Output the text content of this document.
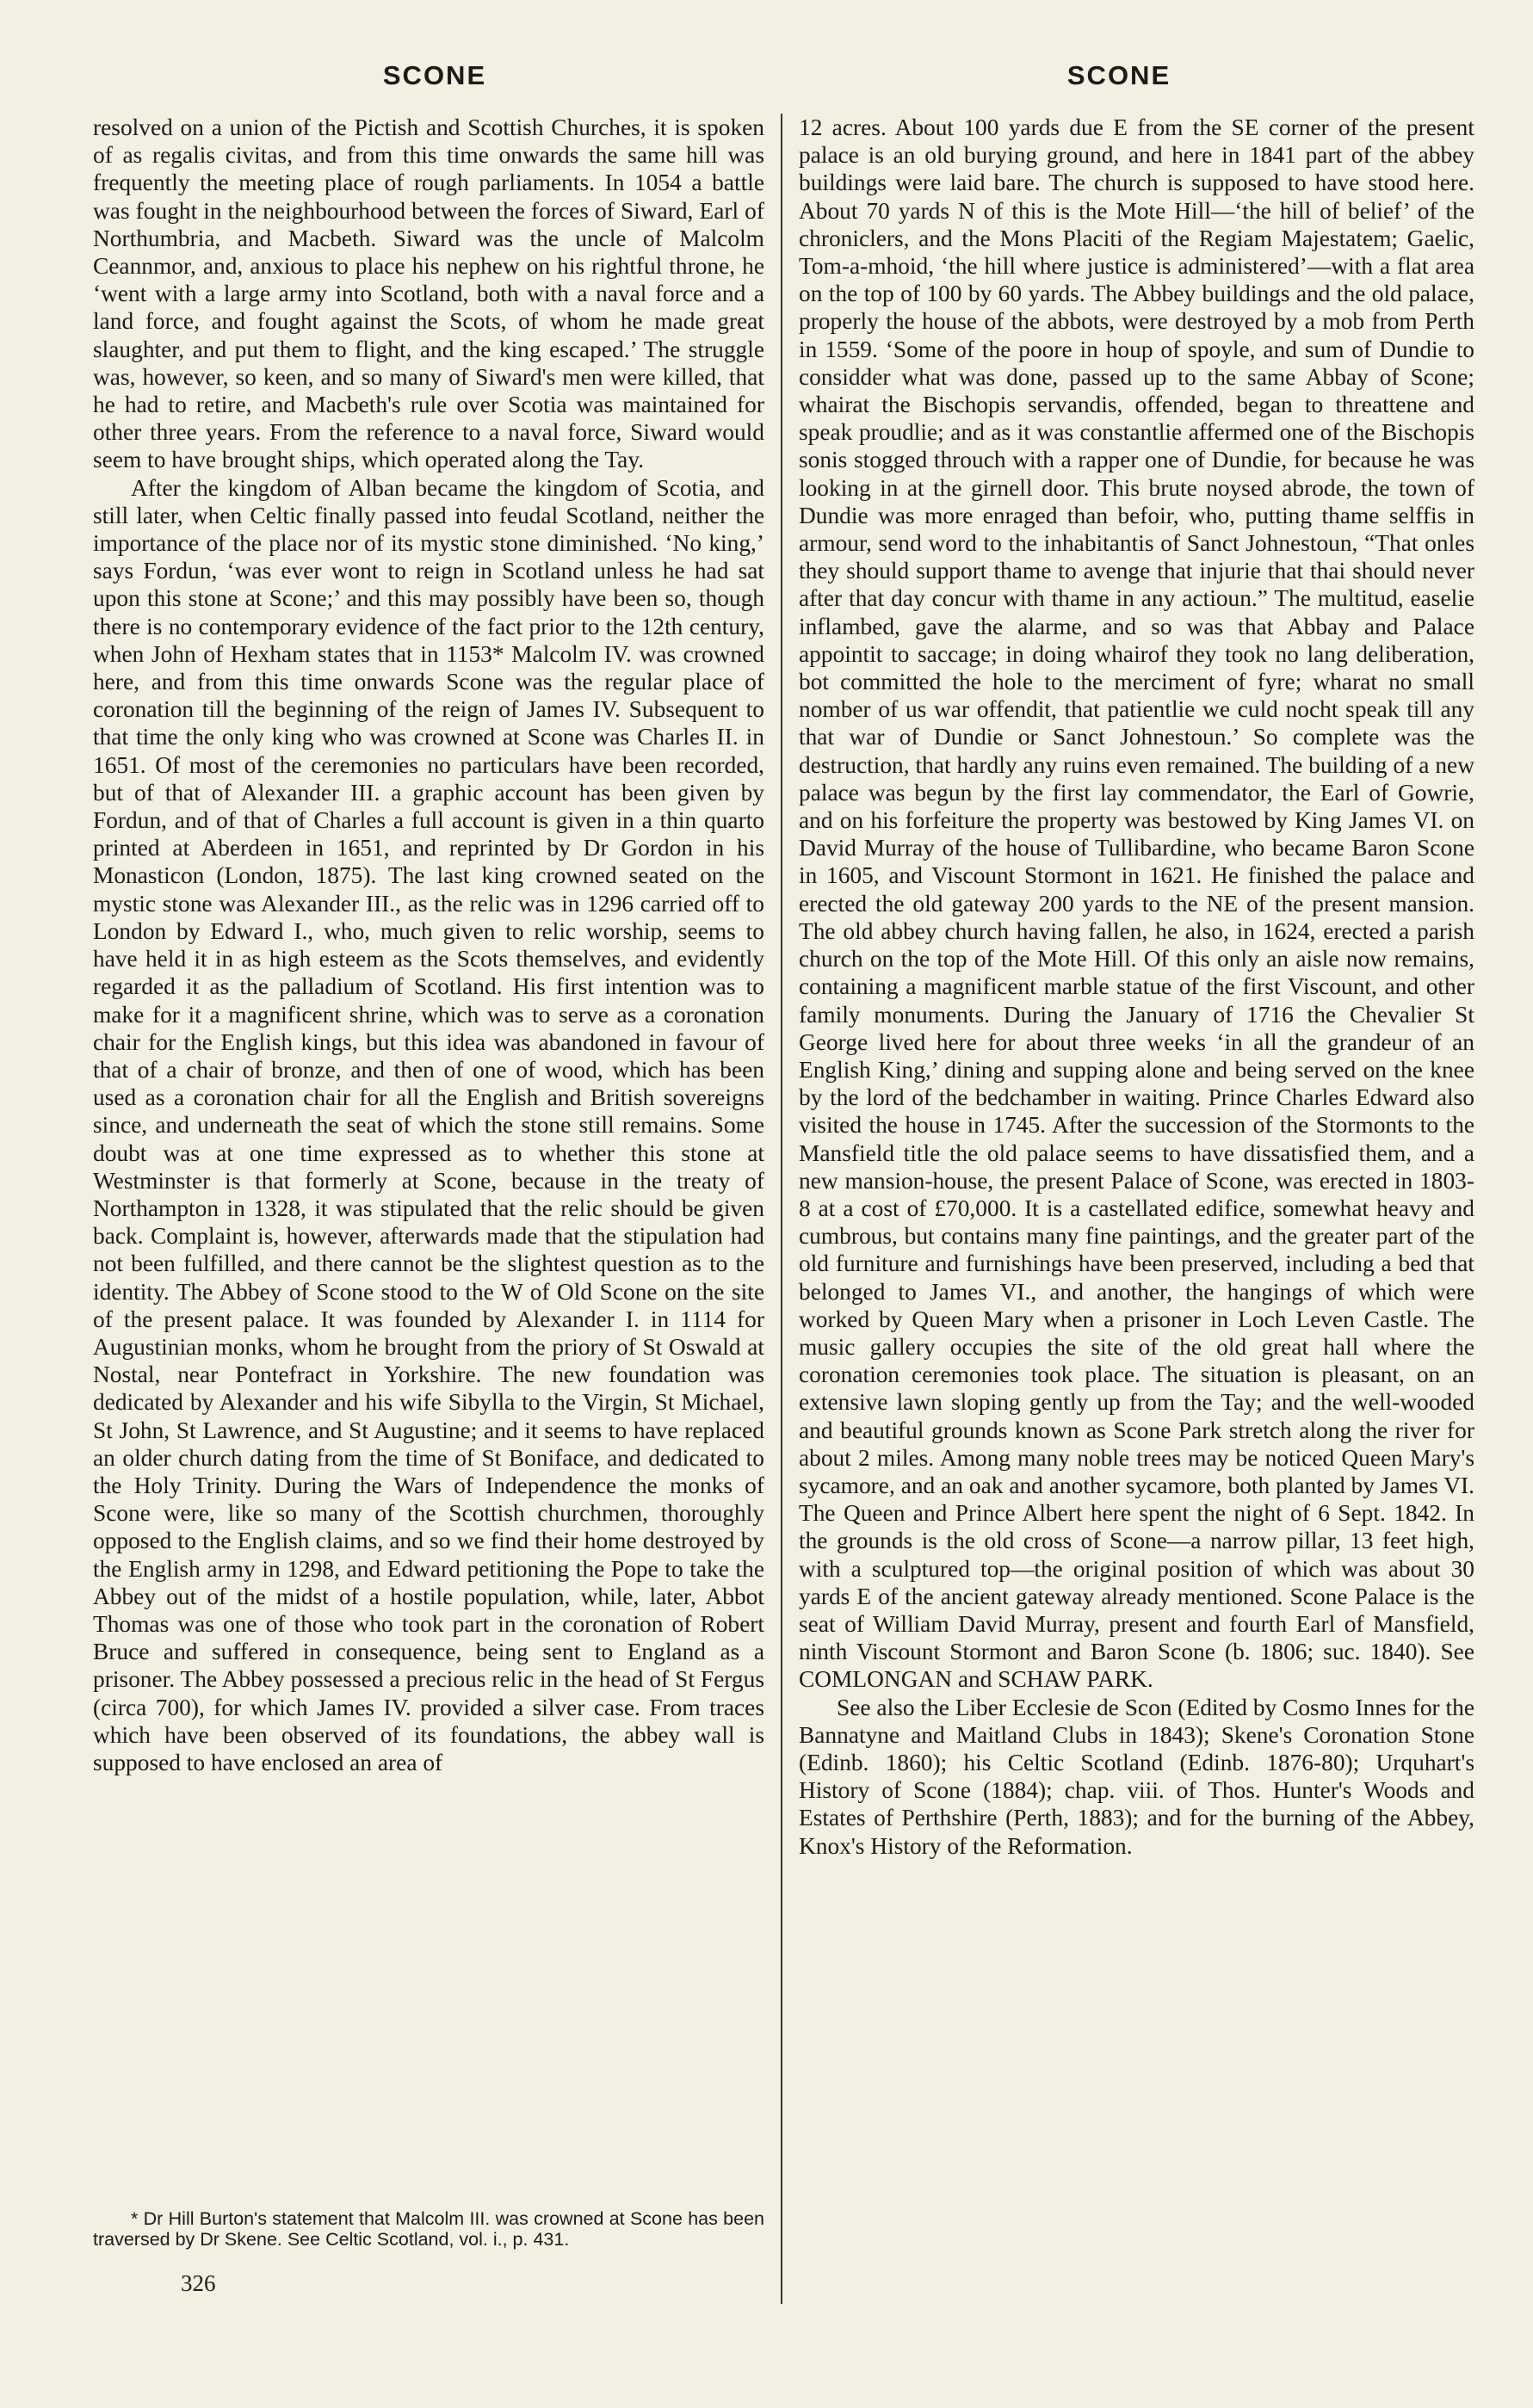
SCONE	SCONE

resolved on a union of the Pictish and Scottish Churches, it is spoken of as regalis civitas, and from this time onwards the same hill was frequently the meeting place of rough parliaments. In 1054 a battle was fought in the neighbourhood between the forces of Siward, Earl of Northumbria, and Macbeth. Siward was the uncle of Malcolm Ceannmor, and, anxious to place his nephew on his rightful throne, he ‘went with a large army into Scotland, both with a naval force and a land force, and fought against the Scots, of whom he made great slaughter, and put them to flight, and the king escaped.’ The struggle was, however, so keen, and so many of Siward's men were killed, that he had to retire, and Macbeth's rule over Scotia was maintained for other three years. From the reference to a naval force, Siward would seem to have brought ships, which operated along the Tay.

After the kingdom of Alban became the kingdom of Scotia, and still later, when Celtic finally passed into feudal Scotland, neither the importance of the place nor of its mystic stone diminished. ‘No king,’ says Fordun, ‘was ever wont to reign in Scotland unless he had sat upon this stone at Scone;’ and this may possibly have been so, though there is no contemporary evidence of the fact prior to the 12th century, when John of Hexham states that in 1153* Malcolm IV. was crowned here, and from this time onwards Scone was the regular place of coronation till the beginning of the reign of James IV. Subsequent to that time the only king who was crowned at Scone was Charles II. in 1651. Of most of the ceremonies no particulars have been recorded, but of that of Alexander III. a graphic account has been given by Fordun, and of that of Charles a full account is given in a thin quarto printed at Aberdeen in 1651, and reprinted by Dr Gordon in his Monasticon (London, 1875). The last king crowned seated on the mystic stone was Alexander III., as the relic was in 1296 carried off to London by Edward I., who, much given to relic worship, seems to have held it in as high esteem as the Scots themselves, and evidently regarded it as the palladium of Scotland. His first intention was to make for it a magnificent shrine, which was to serve as a coronation chair for the English kings, but this idea was abandoned in favour of that of a chair of bronze, and then of one of wood, which has been used as a coronation chair for all the English and British sovereigns since, and underneath the seat of which the stone still remains. Some doubt was at one time expressed as to whether this stone at Westminster is that formerly at Scone, because in the treaty of Northampton in 1328, it was stipulated that the relic should be given back. Complaint is, however, afterwards made that the stipulation had not been fulfilled, and there cannot be the slightest question as to the identity. The Abbey of Scone stood to the W of Old Scone on the site of the present palace. It was founded by Alexander I. in 1114 for Augustinian monks, whom he brought from the priory of St Oswald at Nostal, near Pontefract in Yorkshire. The new foundation was dedicated by Alexander and his wife Sibylla to the Virgin, St Michael, St John, St Lawrence, and St Augustine; and it seems to have replaced an older church dating from the time of St Boniface, and dedicated to the Holy Trinity. During the Wars of Independence the monks of Scone were, like so many of the Scottish churchmen, thoroughly opposed to the English claims, and so we find their home destroyed by the English army in 1298, and Edward petitioning the Pope to take the Abbey out of the midst of a hostile population, while, later, Abbot Thomas was one of those who took part in the coronation of Robert Bruce and suffered in consequence, being sent to England as a prisoner. The Abbey possessed a precious relic in the head of St Fergus (circa 700), for which James IV. provided a silver case. From traces which have been observed of its foundations, the abbey wall is supposed to have enclosed an area of

12 acres. About 100 yards due E from the SE corner of the present palace is an old burying ground, and here in 1841 part of the abbey buildings were laid bare. The church is supposed to have stood here. About 70 yards N of this is the Mote Hill—‘the hill of belief’ of the chroniclers, and the Mons Placiti of the Regiam Majestatem; Gaelic, Tom-a-mhoid, ‘the hill where justice is administered’—with a flat area on the top of 100 by 60 yards. The Abbey buildings and the old palace, properly the house of the abbots, were destroyed by a mob from Perth in 1559. ‘Some of the poore in houp of spoyle, and sum of Dundie to considder what was done, passed up to the same Abbay of Scone; whairat the Bischopis servandis, offended, began to threattene and speak proudlie; and as it was constantlie affermed one of the Bischopis sonis stogged throuch with a rapper one of Dundie, for because he was looking in at the girnell door. This brute noysed abrode, the town of Dundie was more enraged than befoir, who, putting thame selffis in armour, send word to the inhabitantis of Sanct Johnestoun, “That onles they should support thame to avenge that injurie that thai should never after that day concur with thame in any actioun.” The multitud, easelie inflambed, gave the alarme, and so was that Abbay and Palace appointit to saccage; in doing whairof they took no lang deliberation, bot committed the hole to the merciment of fyre; wharat no small nomber of us war offendit, that patientlie we culd nocht speak till any that war of Dundie or Sanct Johnestoun.’ So complete was the destruction, that hardly any ruins even remained. The building of a new palace was begun by the first lay commendator, the Earl of Gowrie, and on his forfeiture the property was bestowed by King James VI. on David Murray of the house of Tullibardine, who became Baron Scone in 1605, and Viscount Stormont in 1621. He finished the palace and erected the old gateway 200 yards to the NE of the present mansion. The old abbey church having fallen, he also, in 1624, erected a parish church on the top of the Mote Hill. Of this only an aisle now remains, containing a magnificent marble statue of the first Viscount, and other family monuments. During the January of 1716 the Chevalier St George lived here for about three weeks ‘in all the grandeur of an English King,’ dining and supping alone and being served on the knee by the lord of the bedchamber in waiting. Prince Charles Edward also visited the house in 1745. After the succession of the Stormonts to the Mansfield title the old palace seems to have dissatisfied them, and a new mansion-house, the present Palace of Scone, was erected in 1803-8 at a cost of £70,000. It is a castellated edifice, somewhat heavy and cumbrous, but contains many fine paintings, and the greater part of the old furniture and furnishings have been preserved, including a bed that belonged to James VI., and another, the hangings of which were worked by Queen Mary when a prisoner in Loch Leven Castle. The music gallery occupies the site of the old great hall where the coronation ceremonies took place. The situation is pleasant, on an extensive lawn sloping gently up from the Tay; and the well-wooded and beautiful grounds known as Scone Park stretch along the river for about 2 miles. Among many noble trees may be noticed Queen Mary's sycamore, and an oak and another sycamore, both planted by James VI. The Queen and Prince Albert here spent the night of 6 Sept. 1842. In the grounds is the old cross of Scone—a narrow pillar, 13 feet high, with a sculptured top—the original position of which was about 30 yards E of the ancient gateway already mentioned. Scone Palace is the seat of William David Murray, present and fourth Earl of Mansfield, ninth Viscount Stormont and Baron Scone (b. 1806; suc. 1840). See COMLONGAN and SCHAW PARK.

See also the Liber Ecclesie de Scon (Edited by Cosmo Innes for the Bannatyne and Maitland Clubs in 1843); Skene's Coronation Stone (Edinb. 1860); his Celtic Scotland (Edinb. 1876-80); Urquhart's History of Scone (1884); chap. viii. of Thos. Hunter's Woods and Estates of Perthshire (Perth, 1883); and for the burning of the Abbey, Knox's History of the Reformation.

* Dr Hill Burton's statement that Malcolm III. was crowned at Scone has been traversed by Dr Skene. See Celtic Scotland, vol. i., p. 431.
326
